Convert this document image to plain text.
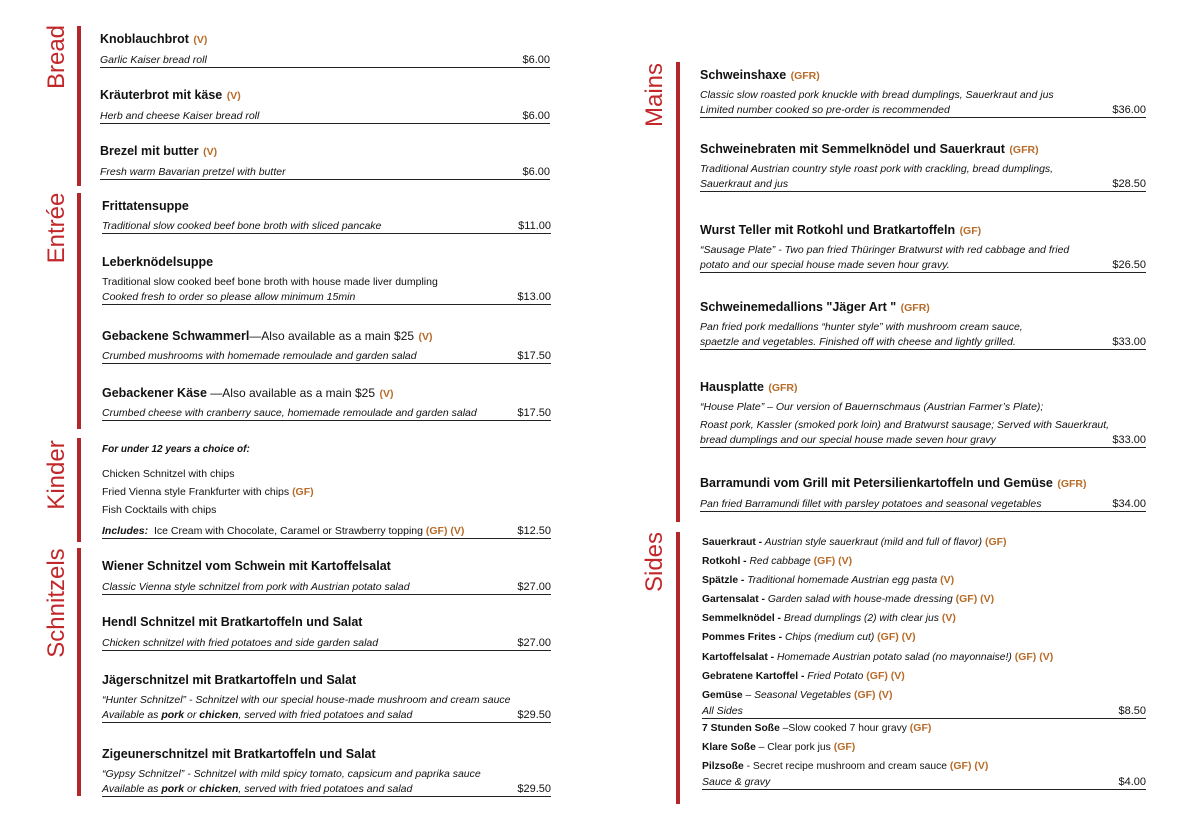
Bread
Entrée
Kinder
Schnitzels
Mains
Sides
Knoblauchbrot (V)
Garlic Kaiser bread roll	$6.00
Kräuterbrot mit käse (V)
Herb and cheese Kaiser bread roll	$6.00
Brezel mit butter (V)
Fresh warm Bavarian pretzel with butter	$6.00
Frittatensuppe
Traditional slow cooked beef bone broth with sliced pancake	$11.00
Leberknödelsuppe
Traditional slow cooked beef bone broth with house made liver dumpling
Cooked fresh to order so please allow minimum 15min	$13.00
Gebackene Schwammerl—Also available as a main $25 (V)
Crumbed mushrooms with homemade remoulade and garden salad	$17.50
Gebackener Käse —Also available as a main $25 (V)
Crumbed cheese with cranberry sauce, homemade remoulade and garden salad	$17.50
For under 12 years a choice of:
Chicken Schnitzel with chips
Fried Vienna style Frankfurter with chips (GF)
Fish Cocktails with chips
Includes: Ice Cream with Chocolate, Caramel or Strawberry topping (GF) (V)	$12.50
Wiener Schnitzel vom Schwein mit Kartoffelsalat
Classic Vienna style schnitzel from pork with Austrian potato salad	$27.00
Hendl Schnitzel mit Bratkartoffeln und Salat
Chicken schnitzel with fried potatoes and side garden salad	$27.00
Jägerschnitzel mit Bratkartoffeln und Salat
“Hunter Schnitzel” - Schnitzel with our special house-made mushroom and cream sauce
Available as pork or chicken, served with fried potatoes and salad	$29.50
Zigeunerschnitzel mit Bratkartoffeln und Salat
“Gypsy Schnitzel” - Schnitzel with mild spicy tomato, capsicum and paprika sauce
Available as pork or chicken, served with fried potatoes and salad	$29.50
Schweinshaxe (GFR)
Classic slow roasted pork knuckle with bread dumplings, Sauerkraut and jus
Limited number cooked so pre-order is recommended	$36.00
Schweinebraten mit Semmelknödel und Sauerkraut (GFR)
Traditional Austrian country style roast pork with crackling, bread dumplings,
Sauerkraut and jus	$28.50
Wurst Teller mit Rotkohl und Bratkartoffeln (GF)
“Sausage Plate” - Two pan fried Thüringer Bratwurst with red cabbage and fried
potato and our special house made seven hour gravy.	$26.50
Schweinemedallions "Jäger Art " (GFR)
Pan fried pork medallions “hunter style” with mushroom cream sauce,
spaetzle and vegetables. Finished off with cheese and lightly grilled.	$33.00
Hausplatte (GFR)
“House Plate” – Our version of Bauernschmaus (Austrian Farmer’s Plate);
Roast pork, Kassler (smoked pork loin) and Bratwurst sausage; Served with Sauerkraut,
bread dumplings and our special house made seven hour gravy	$33.00
Barramundi vom Grill mit Petersilienkartoffeln und Gemüse (GFR)
Pan fried Barramundi fillet with parsley potatoes and seasonal vegetables	$34.00
Sauerkraut - Austrian style sauerkraut (mild and full of flavor) (GF)
Rotkohl - Red cabbage (GF) (V)
Spätzle - Traditional homemade Austrian egg pasta (V)
Gartensalat - Garden salad with house-made dressing (GF) (V)
Semmelknödel - Bread dumplings (2) with clear jus (V)
Pommes Frites - Chips (medium cut) (GF) (V)
Kartoffelsalat - Homemade Austrian potato salad (no mayonnaise!) (GF) (V)
Gebratene Kartoffel - Fried Potato (GF) (V)
Gemüse – Seasonal Vegetables (GF) (V)
All Sides	$8.50
7 Stunden Soße –Slow cooked 7 hour gravy (GF)
Klare Soße – Clear pork jus (GF)
Pilzsoße - Secret recipe mushroom and cream sauce (GF) (V)
Sauce & gravy	$4.00
